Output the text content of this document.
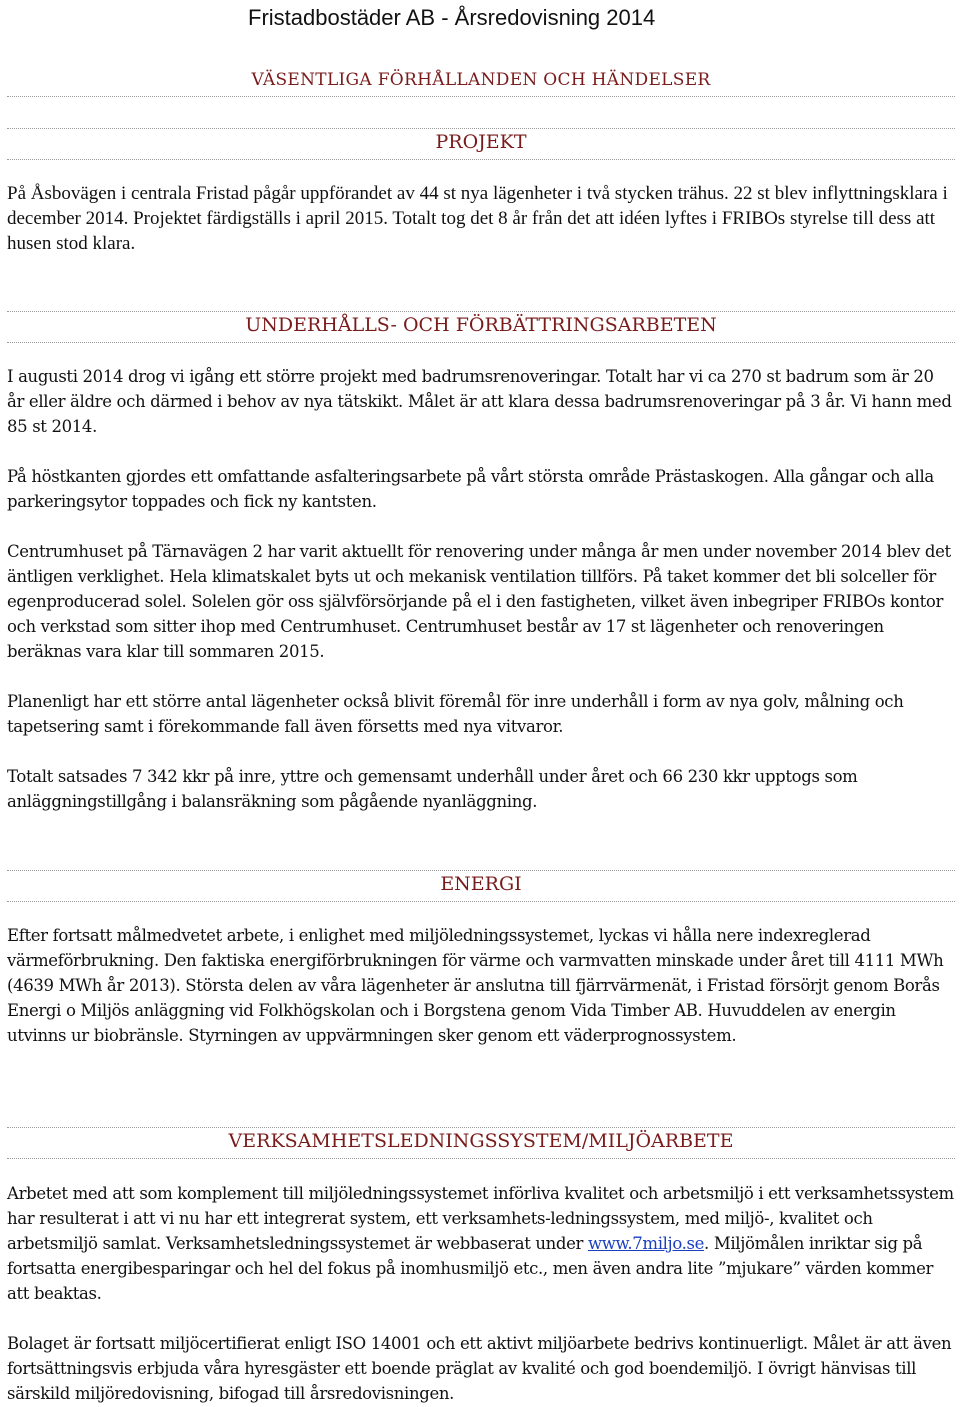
Fristadbostäder AB - Årsredovisning 2014
VÄSENTLIGA FÖRHÅLLANDEN OCH HÄNDELSER
PROJEKT

På Åsbovägen i centrala Fristad pågår uppförandet av 44 st nya lägenheter i två stycken trähus. 22 st blev inflyttningsklara i december 2014. Projektet färdigställs i april 2015. Totalt tog det 8 år från det att idéen lyftes i FRIBOs styrelse till dess att husen stod klara.

UNDERHÅLLS- OCH FÖRBÄTTRINGSARBETEN

I augusti 2014 drog vi igång ett större projekt med badrumsrenoveringar. Totalt har vi ca 270 st badrum som är 20 år eller äldre och därmed i behov av nya tätskikt. Målet är att klara dessa badrumsrenoveringar på 3 år. Vi hann med 85 st 2014.

På höstkanten gjordes ett omfattande asfalteringsarbete på vårt största område Prästaskogen. Alla gångar och alla parkeringsytor toppades och fick ny kantsten.

Centrumhuset på Tärnavägen 2 har varit aktuellt för renovering under många år men under november 2014 blev det äntligen verklighet. Hela klimatskalet byts ut och mekanisk ventilation tillförs. På taket kommer det bli solceller för egenproducerad solel. Solelen gör oss självförsörjande på el i den fastigheten, vilket även inbegriper FRIBOs kontor och verkstad som sitter ihop med Centrumhuset. Centrumhuset består av 17 st lägenheter och renoveringen beräknas vara klar till sommaren 2015.

Planenligt har ett större antal lägenheter också blivit föremål för inre underhåll i form av nya golv, målning och tapetsering samt i förekommande fall även försetts med nya vitvaror.

Totalt satsades 7 342 kkr på inre, yttre och gemensamt underhåll under året och 66 230 kkr upptogs som anläggningstillgång i balansräkning som pågående nyanläggning.

ENERGI

Efter fortsatt målmedvetet arbete, i enlighet med miljöledningssystemet, lyckas vi hålla nere indexreglerad värmeförbrukning. Den faktiska energiförbrukningen för värme och varmvatten minskade under året till 4111 MWh (4639 MWh år 2013). Största delen av våra lägenheter är anslutna till fjärrvärmenät, i Fristad försörjt genom Borås Energi o Miljös anläggning vid Folkhögskolan och i Borgstena genom Vida Timber AB. Huvuddelen av energin utvinns ur biobränsle. Styrningen av uppvärmningen sker genom ett väderprognossystem.

VERKSAMHETSLEDNINGSSYSTEM/MILJÖARBETE

Arbetet med att som komplement till miljöledningssystemet införliva kvalitet och arbetsmiljö i ett verksamhetssystem har resulterat i att vi nu har ett integrerat system, ett verksamhets-ledningssystem, med miljö-, kvalitet och arbetsmiljö samlat. Verksamhetsledningssystemet är webbaserat under www.7miljo.se. Miljömålen inriktar sig på fortsatta energibesparingar och hel del fokus på inomhusmiljö etc., men även andra lite ”mjukare” värden kommer att beaktas.

Bolaget är fortsatt miljöcertifierat enligt ISO 14001 och ett aktivt miljöarbete bedrivs kontinuerligt. Målet är att även fortsättningsvis erbjuda våra hyresgäster ett boende präglat av kvalité och god boendemiljö. I övrigt hänvisas till särskild miljöredovisning, bifogad till årsredovisningen.
